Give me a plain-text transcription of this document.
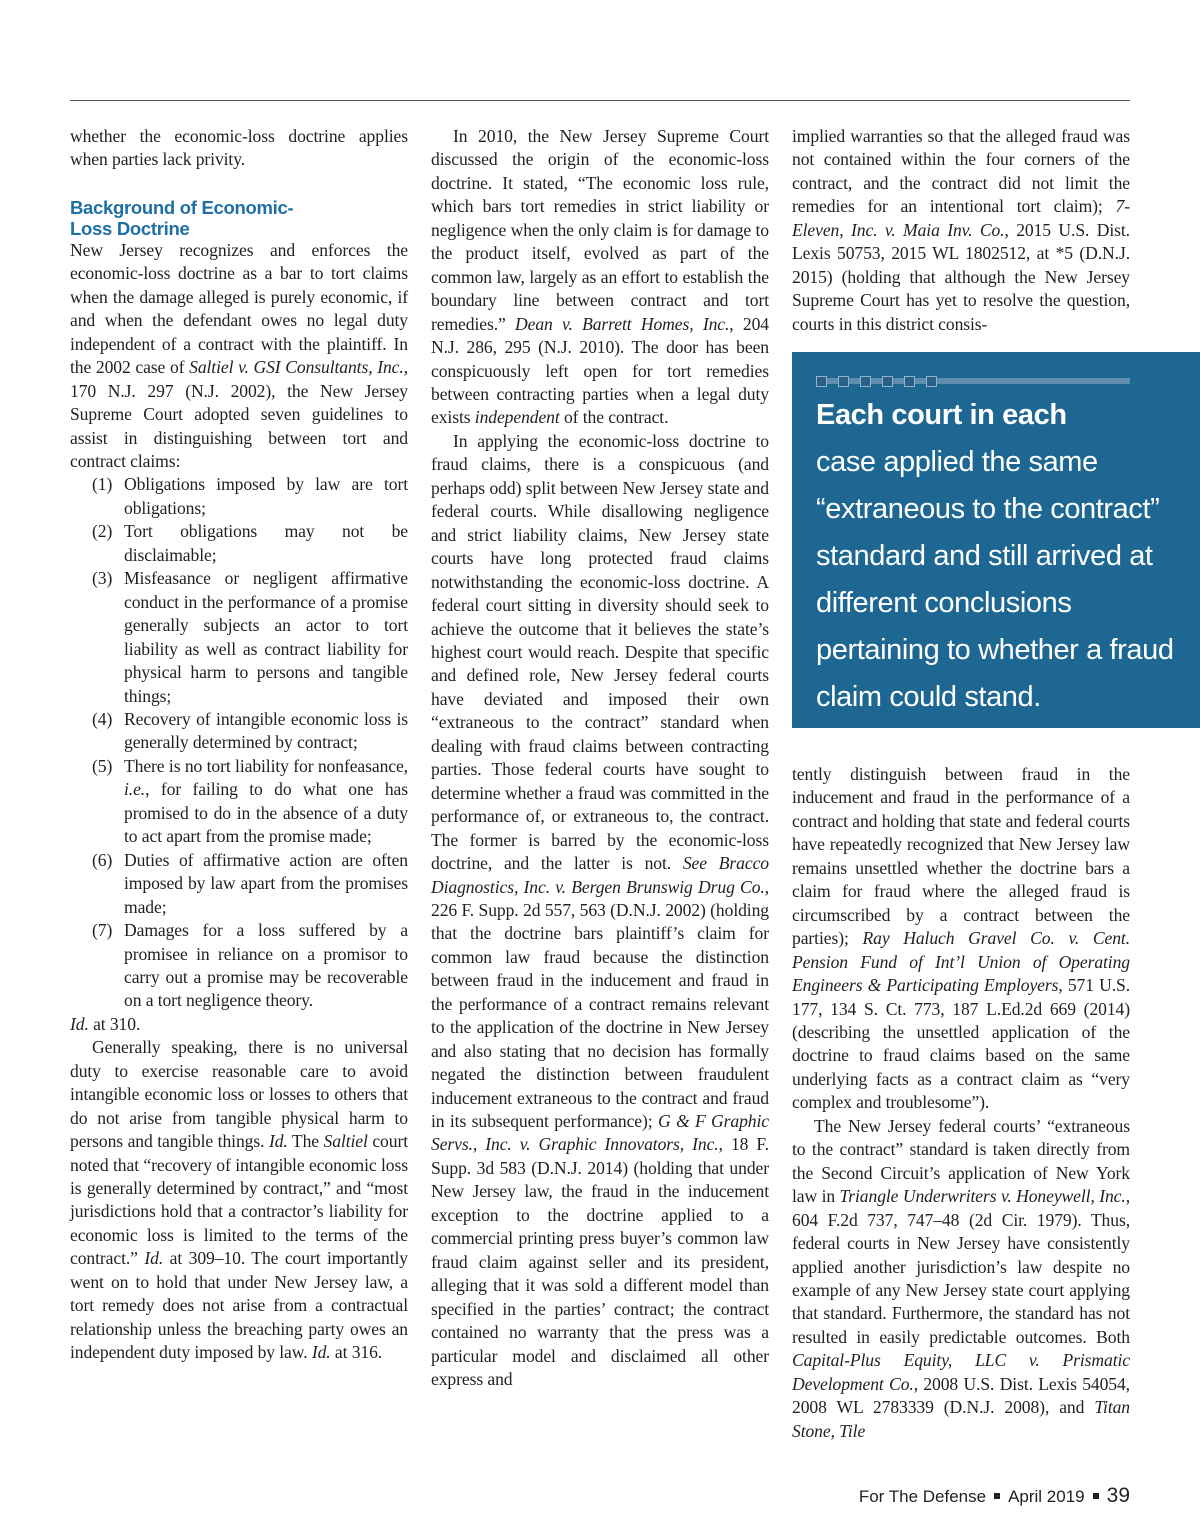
whether the economic-loss doctrine applies when parties lack privity.

Background of Economic-Loss Doctrine

New Jersey recognizes and enforces the economic-loss doctrine as a bar to tort claims when the damage alleged is purely economic, if and when the defendant owes no legal duty independent of a contract with the plaintiff. In the 2002 case of Saltiel v. GSI Consultants, Inc., 170 N.J. 297 (N.J. 2002), the New Jersey Supreme Court adopted seven guidelines to assist in distinguishing between tort and contract claims:

(1) Obligations imposed by law are tort obligations;
(2) Tort obligations may not be disclaimable;
(3) Misfeasance or negligent affirmative conduct in the performance of a promise generally subjects an actor to tort liability as well as contract liability for physical harm to persons and tangible things;
(4) Recovery of intangible economic loss is generally determined by contract;
(5) There is no tort liability for nonfeasance, i.e., for failing to do what one has promised to do in the absence of a duty to act apart from the promise made;
(6) Duties of affirmative action are often imposed by law apart from the promises made;
(7) Damages for a loss suffered by a promisee in reliance on a promisor to carry out a promise may be recoverable on a tort negligence theory.

Id. at 310.

Generally speaking, there is no universal duty to exercise reasonable care to avoid intangible economic loss or losses to others that do not arise from tangible physical harm to persons and tangible things. Id. The Saltiel court noted that “recovery of intangible economic loss is generally determined by contract,” and “most jurisdictions hold that a contractor’s liability for economic loss is limited to the terms of the contract.” Id. at 309–10. The court importantly went on to hold that under New Jersey law, a tort remedy does not arise from a contractual relationship unless the breaching party owes an independent duty imposed by law. Id. at 316.

In 2010, the New Jersey Supreme Court discussed the origin of the economic-loss doctrine. It stated, “The economic loss rule, which bars tort remedies in strict liability or negligence when the only claim is for damage to the product itself, evolved as part of the common law, largely as an effort to establish the boundary line between contract and tort remedies.” Dean v. Barrett Homes, Inc., 204 N.J. 286, 295 (N.J. 2010). The door has been conspicuously left open for tort remedies between contracting parties when a legal duty exists independent of the contract.

In applying the economic-loss doctrine to fraud claims, there is a conspicuous (and perhaps odd) split between New Jersey state and federal courts. While disallowing negligence and strict liability claims, New Jersey state courts have long protected fraud claims notwithstanding the economic-loss doctrine. A federal court sitting in diversity should seek to achieve the outcome that it believes the state’s highest court would reach. Despite that specific and defined role, New Jersey federal courts have deviated and imposed their own “extraneous to the contract” standard when dealing with fraud claims between contracting parties. Those federal courts have sought to determine whether a fraud was committed in the performance of, or extraneous to, the contract. The former is barred by the economic-loss doctrine, and the latter is not. See Bracco Diagnostics, Inc. v. Bergen Brunswig Drug Co., 226 F. Supp. 2d 557, 563 (D.N.J. 2002) (holding that the doctrine bars plaintiff’s claim for common law fraud because the distinction between fraud in the inducement and fraud in the performance of a contract remains relevant to the application of the doctrine in New Jersey and also stating that no decision has formally negated the distinction between fraudulent inducement extraneous to the contract and fraud in its subsequent performance); G & F Graphic Servs., Inc. v. Graphic Innovators, Inc., 18 F. Supp. 3d 583 (D.N.J. 2014) (holding that under New Jersey law, the fraud in the inducement exception to the doctrine applied to a commercial printing press buyer’s common law fraud claim against seller and its president, alleging that it was sold a different model than specified in the parties’ contract; the contract contained no warranty that the press was a particular model and disclaimed all other express and

implied warranties so that the alleged fraud was not contained within the four corners of the contract, and the contract did not limit the remedies for an intentional tort claim); 7-Eleven, Inc. v. Maia Inv. Co., 2015 U.S. Dist. Lexis 50753, 2015 WL 1802512, at *5 (D.N.J. 2015) (holding that although the New Jersey Supreme Court has yet to resolve the question, courts in this district consis-

Each court in each
case applied the same “extraneous to the contract” standard and still arrived at different conclusions pertaining to whether a fraud claim could stand.

tently distinguish between fraud in the inducement and fraud in the performance of a contract and holding that state and federal courts have repeatedly recognized that New Jersey law remains unsettled whether the doctrine bars a claim for fraud where the alleged fraud is circumscribed by a contract between the parties); Ray Haluch Gravel Co. v. Cent. Pension Fund of Int’l Union of Operating Engineers & Participating Employers, 571 U.S. 177, 134 S. Ct. 773, 187 L.Ed.2d 669 (2014) (describing the unsettled application of the doctrine to fraud claims based on the same underlying facts as a contract claim as “very complex and troublesome”).

The New Jersey federal courts’ “extraneous to the contract” standard is taken directly from the Second Circuit’s application of New York law in Triangle Underwriters v. Honeywell, Inc., 604 F.2d 737, 747–48 (2d Cir. 1979). Thus, federal courts in New Jersey have consistently applied another jurisdiction’s law despite no example of any New Jersey state court applying that standard. Furthermore, the standard has not resulted in easily predictable outcomes. Both Capital-Plus Equity, LLC v. Prismatic Development Co., 2008 U.S. Dist. Lexis 54054, 2008 WL 2783339 (D.N.J. 2008), and Titan Stone, Tile

For The Defense April 2019 39
